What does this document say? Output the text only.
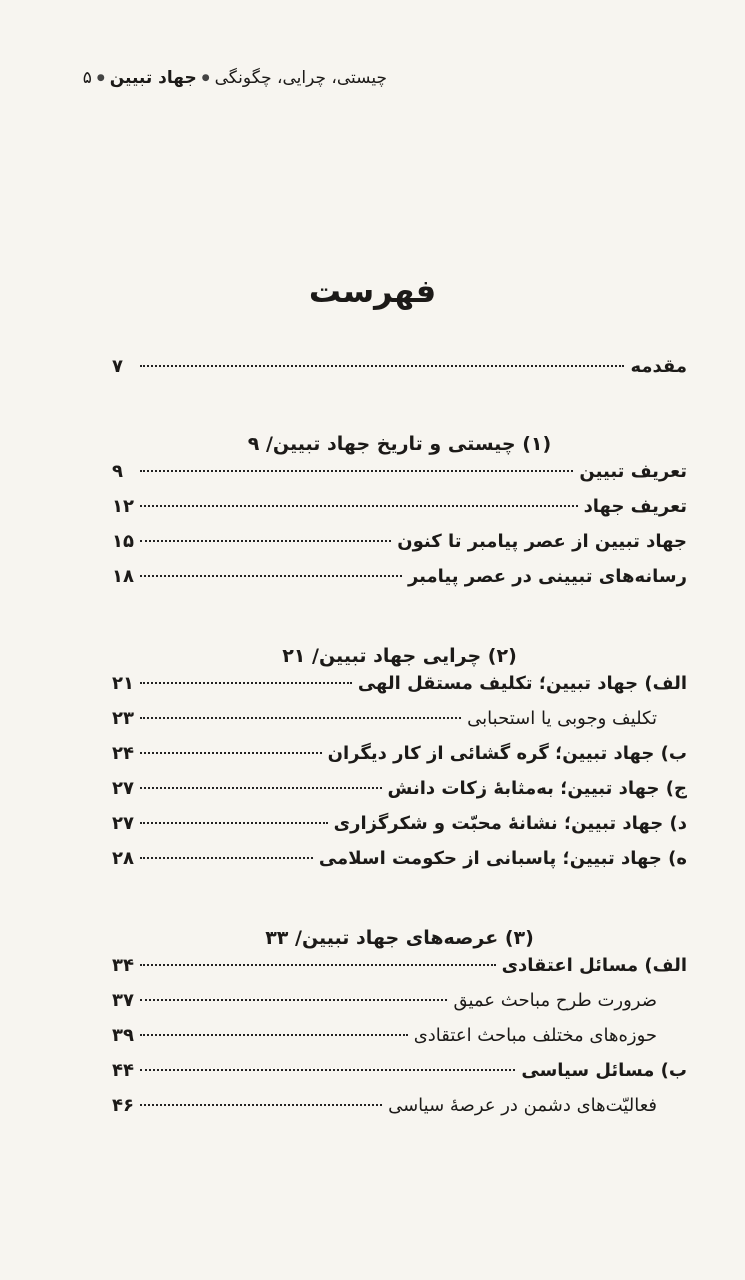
چیستی، چرایی، چگونگی
●
جهاد تبیین
●
۵
فهرست
مقدمه
۷
(۱) چیستی و تاریخ جهاد تبیین/ ۹
تعریف تبیین
۹
تعریف جهاد
۱۲
جهاد تبیین از عصر پیامبر تا کنون
۱۵
رسانه‌های تبیینی در عصر پیامبر
۱۸
(۲) چرایی جهاد تبیین/ ۲۱
الف) جهاد تبیین؛ تکلیف مستقل الهی
۲۱
تکلیف وجوبی یا استحبابی
۲۳
ب) جهاد تبیین؛ گره گشائی از کار دیگران
۲۴
ج) جهاد تبیین؛ به‌مثابهٔ زکات دانش
۲۷
د) جهاد تبیین؛ نشانهٔ محبّت و شکرگزاری
۲۷
ه) جهاد تبیین؛ پاسبانی از حکومت اسلامی
۲۸
(۳) عرصه‌های جهاد تبیین/ ۳۳
الف) مسائل اعتقادی
۳۴
ضرورت طرح مباحث عمیق
۳۷
حوزه‌های مختلف مباحث اعتقادی
۳۹
ب) مسائل سیاسی
۴۴
فعالیّت‌های دشمن در عرصهٔ سیاسی
۴۶
